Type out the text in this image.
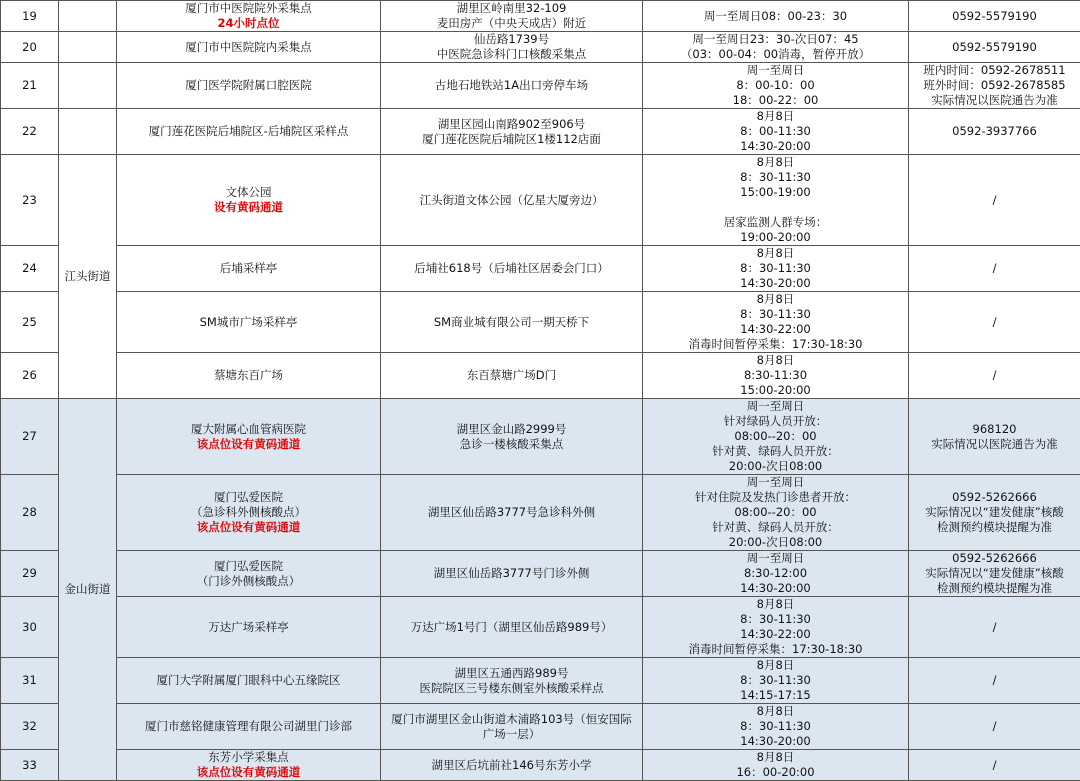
19		厦门市中医院院外采集点
24小时点位	湖里区岭南里32-109
麦田房产（中央天成店）附近	周一至周日08：00-23：30	0592-5579190

20		厦门市中医院院内采集点	仙岳路1739号
中医院急诊科门口核酸采集点	周一至周日23：30-次日07：45
（03：00-04：00消毒，暂停开放）	0592-5579190

21		厦门医学院附属口腔医院	古地石地铁站1A出口旁停车场	周一至周日
8：00-10：00
18：00-22：00	班内时间：0592-2678511
班外时间：0592-2678585
实际情况以医院通告为准

22		厦门莲花医院后埔院区-后埔院区采样点	湖里区园山南路902至906号
厦门莲花医院后埔院区1楼112店面	8月8日
8：00-11:30
14:30-20:00	0592-3937766

23	江头街道	文体公园
设有黄码通道	江头街道文体公园（亿星大厦旁边）	8月8日
8：30-11:30
15:00-19:00

居家监测人群专场：
19:00-20:00	/

24		后埔采样亭	后埔社618号（后埔社区居委会门口）	8月8日
8：30-11:30
14:30-20:00	/

25		SM城市广场采样亭	SM商业城有限公司一期天桥下	8月8日
8：30-11:30
14:30-22:00
消毒时间暂停采集：17:30-18:30	/

26		蔡塘东百广场	东百蔡塘广场D门	8月8日
8:30-11:30
15:00-20:00	/

27	金山街道	厦大附属心血管病医院
该点位设有黄码通道	湖里区金山路2999号
急诊一楼核酸采集点	周一至周日
针对绿码人员开放：
08:00--20：00
针对黄、绿码人员开放：
20:00-次日08:00	968120
实际情况以医院通告为准

28		厦门弘爱医院
（急诊科外侧核酸点）
该点位设有黄码通道	湖里区仙岳路3777号急诊科外侧	周一至周日
针对住院及发热门诊患者开放：
08:00--20：00
针对黄、绿码人员开放：
20:00-次日08:00	0592-5262666
实际情况以“建发健康”核酸
检测预约模块提醒为准

29		厦门弘爱医院
（门诊外侧核酸点）	湖里区仙岳路3777号门诊外侧	周一至周日
8:30-12:00
14:30-20:00	0592-5262666
实际情况以“建发健康”核酸
检测预约模块提醒为准

30		万达广场采样亭	万达广场1号门（湖里区仙岳路989号）	8月8日
8：30-11:30
14:30-22:00
消毒时间暂停采集：17:30-18:30	/

31		厦门大学附属厦门眼科中心五缘院区	湖里区五通西路989号
医院院区三号楼东侧室外核酸采样点	8月8日
8：30-11:30
14:15-17:15	/

32		厦门市慈铭健康管理有限公司湖里门诊部	厦门市湖里区金山街道木浦路103号（恒安国际
广场一层）	8月8日
8：30-11:30
14:30-20:00	/

33		东芳小学采集点
该点位设有黄码通道	湖里区后坑前社146号东芳小学	8月8日
16：00-20:00	/
